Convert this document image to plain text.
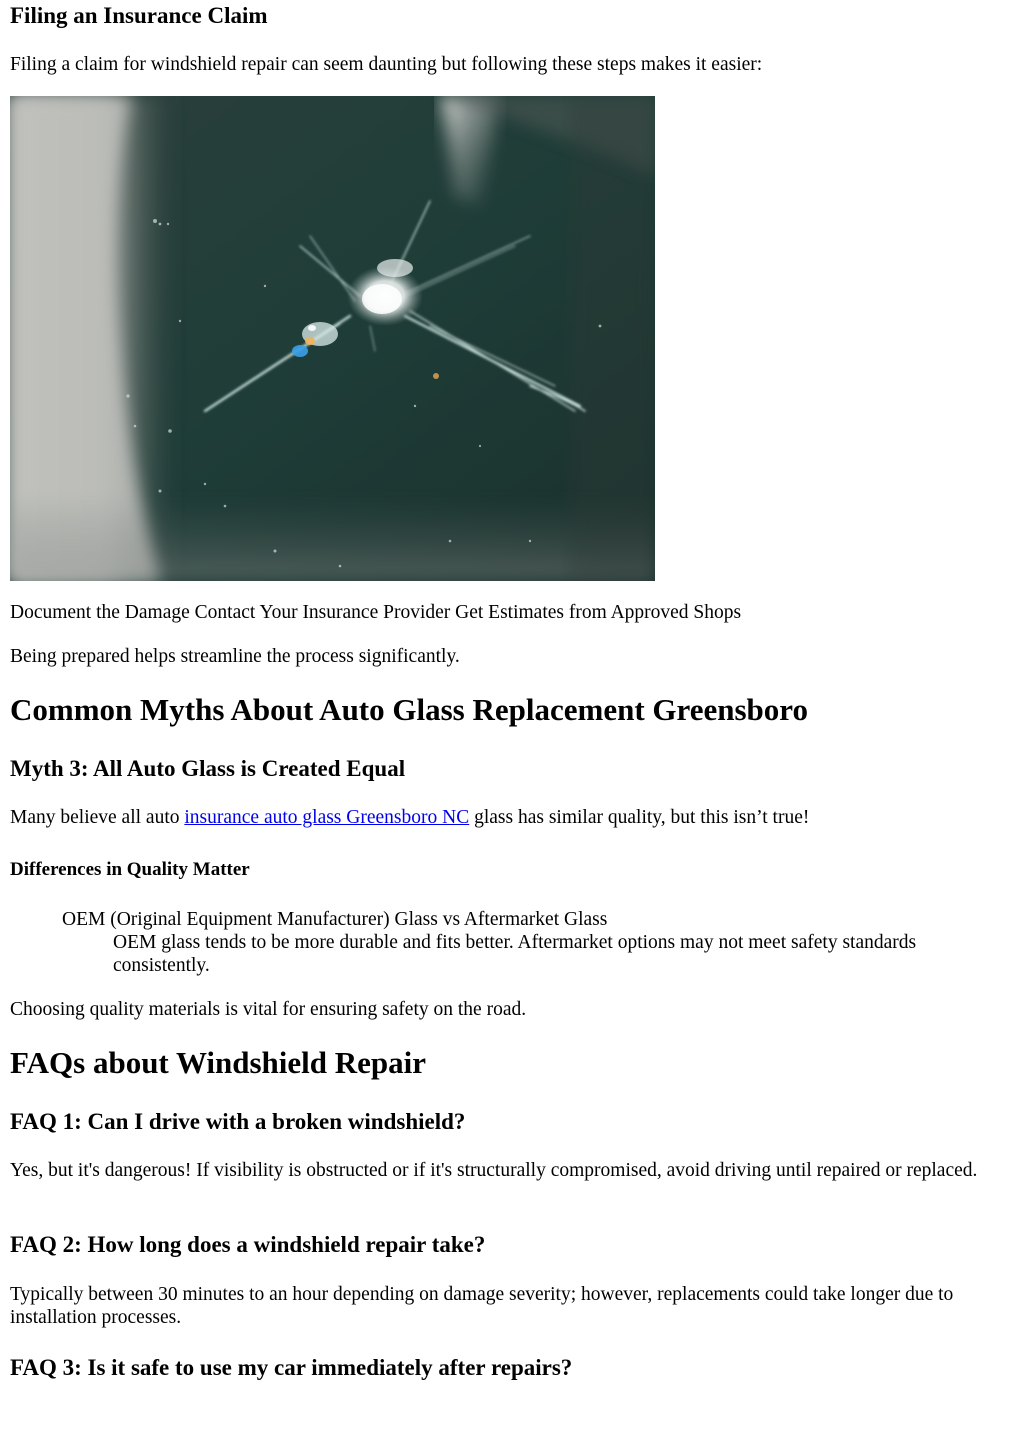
Filing an Insurance Claim

Filing a claim for windshield repair can seem daunting but following these steps makes it easier:

Document the Damage Contact Your Insurance Provider Get Estimates from Approved Shops

Being prepared helps streamline the process significantly.

Common Myths About Auto Glass Replacement Greensboro
Myth 3: All Auto Glass is Created Equal

Many believe all auto insurance auto glass Greensboro NC glass has similar quality, but this isn’t true!

Differences in Quality Matter
OEM (Original Equipment Manufacturer) Glass vs Aftermarket Glass
OEM glass tends to be more durable and fits better. Aftermarket options may not meet safety standards consistently.

Choosing quality materials is vital for ensuring safety on the road.

FAQs about Windshield Repair
FAQ 1: Can I drive with a broken windshield?

Yes, but it's dangerous! If visibility is obstructed or if it's structurally compromised, avoid driving until repaired or replaced.

FAQ 2: How long does a windshield repair take?

Typically between 30 minutes to an hour depending on damage severity; however, replacements could take longer due to installation processes.

FAQ 3: Is it safe to use my car immediately after repairs?
